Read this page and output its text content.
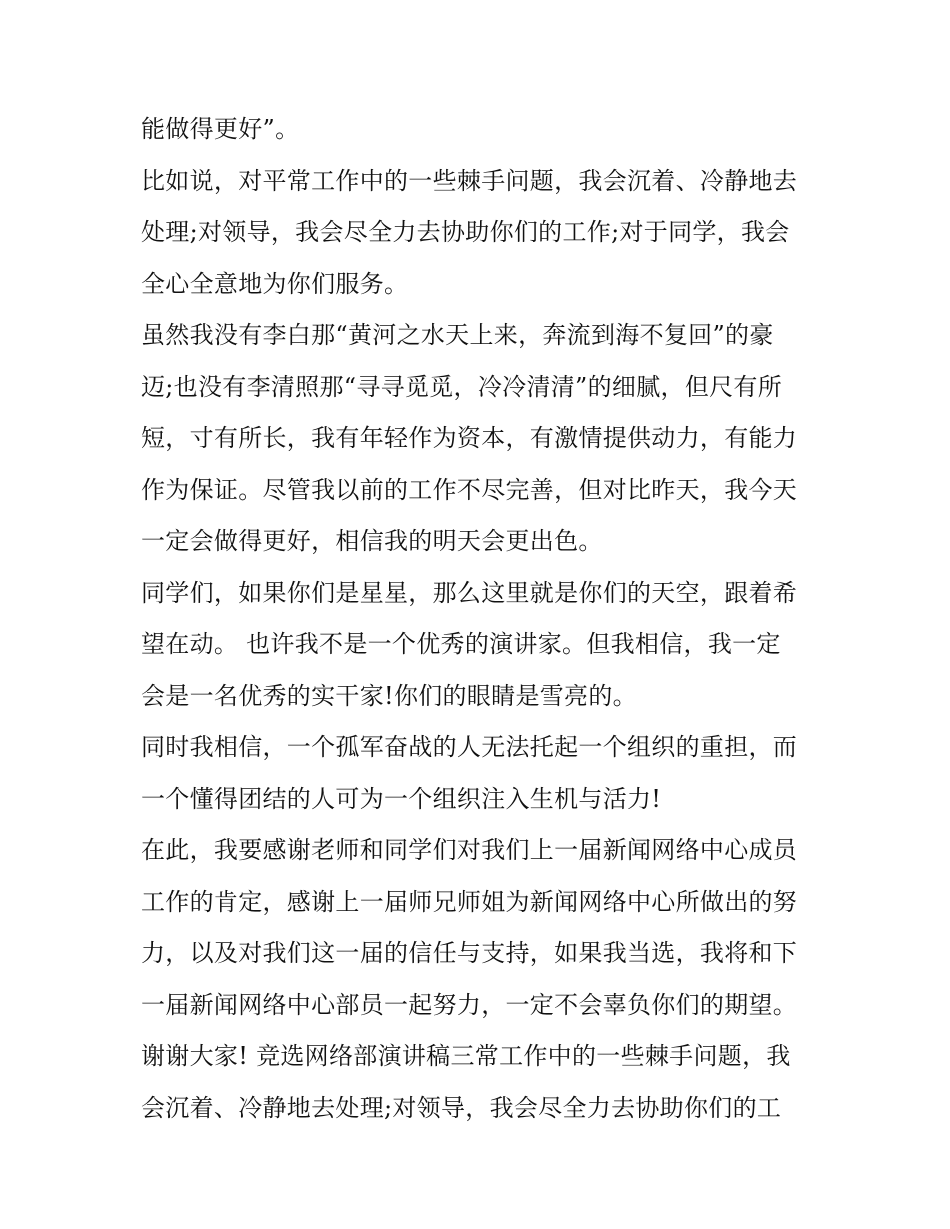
能做得更好”。
比如说，对平常工作中的一些棘手问题，我会沉着、冷静地去
处理;对领导，我会尽全力去协助你们的工作;对于同学，我会
全心全意地为你们服务。
虽然我没有李白那“黄河之水天上来，奔流到海不复回”的豪
迈;也没有李清照那“寻寻觅觅，冷冷清清”的细腻，但尺有所
短，寸有所长，我有年轻作为资本，有激情提供动力，有能力
作为保证。尽管我以前的工作不尽完善，但对比昨天，我今天
一定会做得更好，相信我的明天会更出色。
同学们，如果你们是星星，那么这里就是你们的天空，跟着希
望在动。 也许我不是一个优秀的演讲家。但我相信，我一定
会是一名优秀的实干家!你们的眼睛是雪亮的。
同时我相信，一个孤军奋战的人无法托起一个组织的重担，而
一个懂得团结的人可为一个组织注入生机与活力!
在此，我要感谢老师和同学们对我们上一届新闻网络中心成员
工作的肯定，感谢上一届师兄师姐为新闻网络中心所做出的努
力，以及对我们这一届的信任与支持，如果我当选，我将和下
一届新闻网络中心部员一起努力，一定不会辜负你们的期望。
谢谢大家! 竞选网络部演讲稿三常工作中的一些棘手问题，我
会沉着、冷静地去处理;对领导，我会尽全力去协助你们的工
